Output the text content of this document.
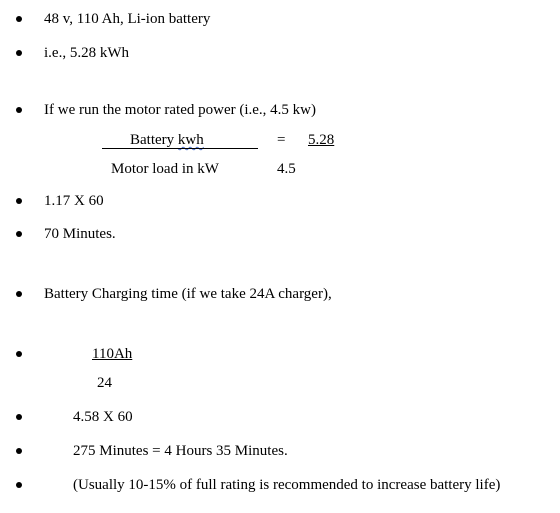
48 v, 110 Ah, Li-ion battery
i.e., 5.28 kWh
If we run the motor rated power (i.e., 4.5 kw)
Battery kwh
Motor load in kW
= 5.28
4.5
1.17 X 60
70 Minutes.
Battery Charging time (if we take 24A charger),
110Ah
24
4.58 X 60
275 Minutes = 4 Hours 35 Minutes.
(Usually 10-15% of full rating is recommended to increase battery life)
